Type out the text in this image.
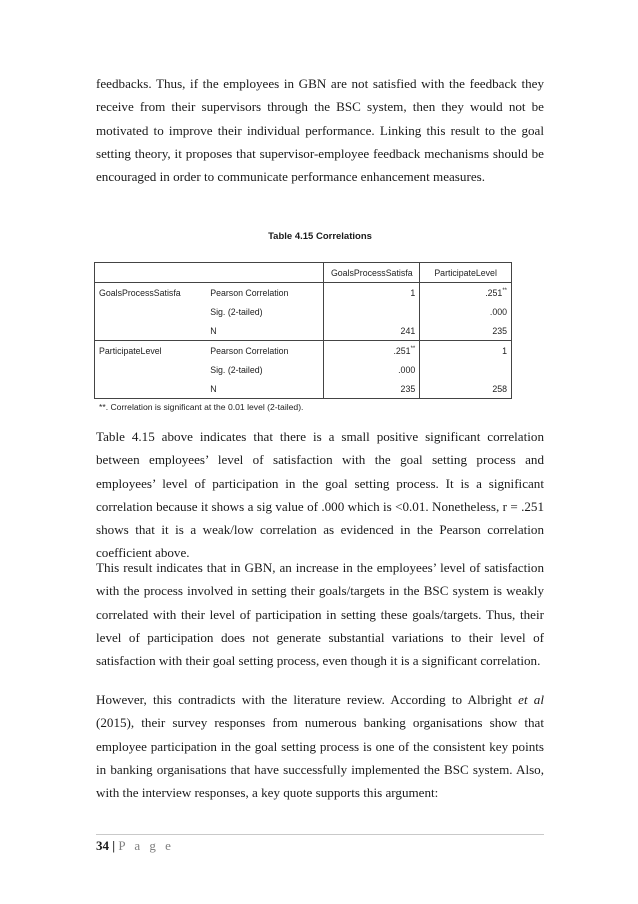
feedbacks. Thus, if the employees in GBN are not satisfied with the feedback they receive from their supervisors through the BSC system, then they would not be motivated to improve their individual performance. Linking this result to the goal setting theory, it proposes that supervisor-employee feedback mechanisms should be encouraged in order to communicate performance enhancement measures.

Table 4.15 Correlations
		GoalsProcessSatisfa	ParticipateLevel
GoalsProcessSatisfa	Pearson Correlation	1	.251**
	Sig. (2-tailed)		.000
	N	241	235
ParticipateLevel	Pearson Correlation	.251**	1
	Sig. (2-tailed)	.000	
	N	235	258
**. Correlation is significant at the 0.01 level (2-tailed).

Table 4.15 above indicates that there is a small positive significant correlation between employees’ level of satisfaction with the goal setting process and employees’ level of participation in the goal setting process. It is a significant correlation because it shows a sig value of .000 which is <0.01. Nonetheless, r = .251 shows that it is a weak/low correlation as evidenced in the Pearson correlation coefficient above.

This result indicates that in GBN, an increase in the employees’ level of satisfaction with the process involved in setting their goals/targets in the BSC system is weakly correlated with their level of participation in setting these goals/targets. Thus, their level of participation does not generate substantial variations to their level of satisfaction with their goal setting process, even though it is a significant correlation.

However, this contradicts with the literature review. According to Albright et al (2015), their survey responses from numerous banking organisations show that employee participation in the goal setting process is one of the consistent key points in banking organisations that have successfully implemented the BSC system. Also, with the interview responses, a key quote supports this argument:

34 | P a g e
